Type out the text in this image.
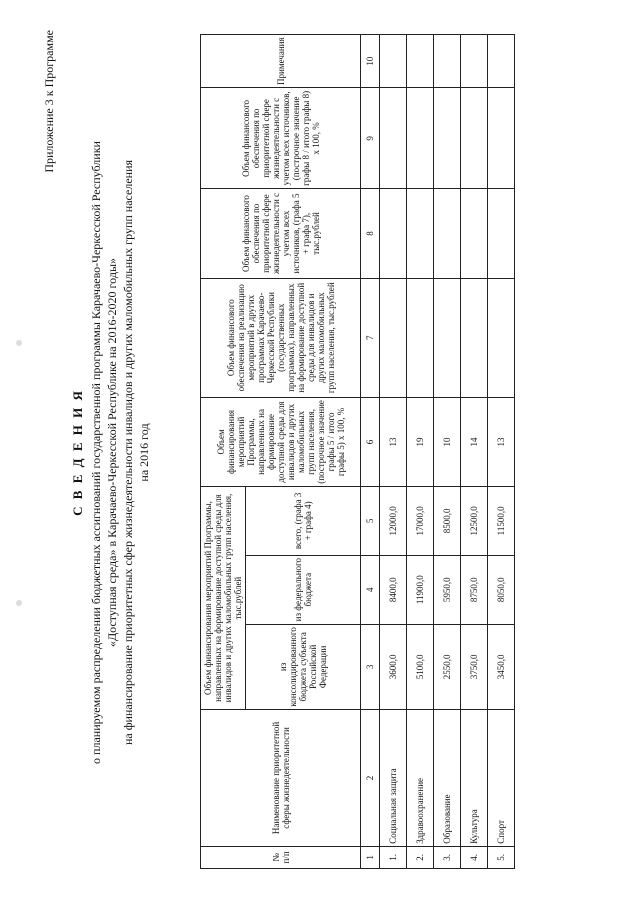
Приложение 3 к Программе
С В Е Д Е Н И Я о планируемом распределении бюджетных ассигнований государственной программы Карачаево-Черкесской Республики «Доступная среда» в Карачаево-Черкесской Республике на 2016-2020 годы» на финансирование приоритетных сфер жизнедеятельности инвалидов и других маломобильных групп населения на 2016 год
№ п/п	Наименование приоритетной сферы жизнедеятельности	Объем финансирования мероприятий Программы, направленных на формирование доступной среды для инвалидов и других маломобильных групп населения, тыс.рублей			Объем финансирования мероприятий Программы, направленных на формирование доступной среды для инвалидов и других маломобильных групп населения, (построчное значение графы 5 / итого графы 5) х 100, %	Объем финансового обеспечения на реализацию мероприятий в других программах Карачаево-Черкесской Республики (государственных программах), направленных на формирование доступной среды для инвалидов и других маломобильных групп населения, тыс.рублей	Объем финансового обеспечения по приоритетной сфере жизнедеятельности с учетом всех источников, (графа 5 + графа 7), тыс.рублей	Объем финансового обеспечения по приоритетной сфере жизнедеятельности с учетом всех источников, (построчное значение графы 8 / итого графы 8) х 100, %	Примечания
		из консолидированного бюджета субъекта Российской Федерации	из федерального бюджета	всего, (графа 3 + графа 4)					
1	2	3	4	5	6	7	8	9	10
1.	Социальная защита	3600,0	8400,0	12000,0	13				
2.	Здравоохранение	5100,0	11900,0	17000,0	19				
3.	Образование	2550,0	5950,0	8500,0	10				
4.	Культура	3750,0	8750,0	12500,0	14				
5.	Спорт	3450,0	8050,0	11500,0	13				
